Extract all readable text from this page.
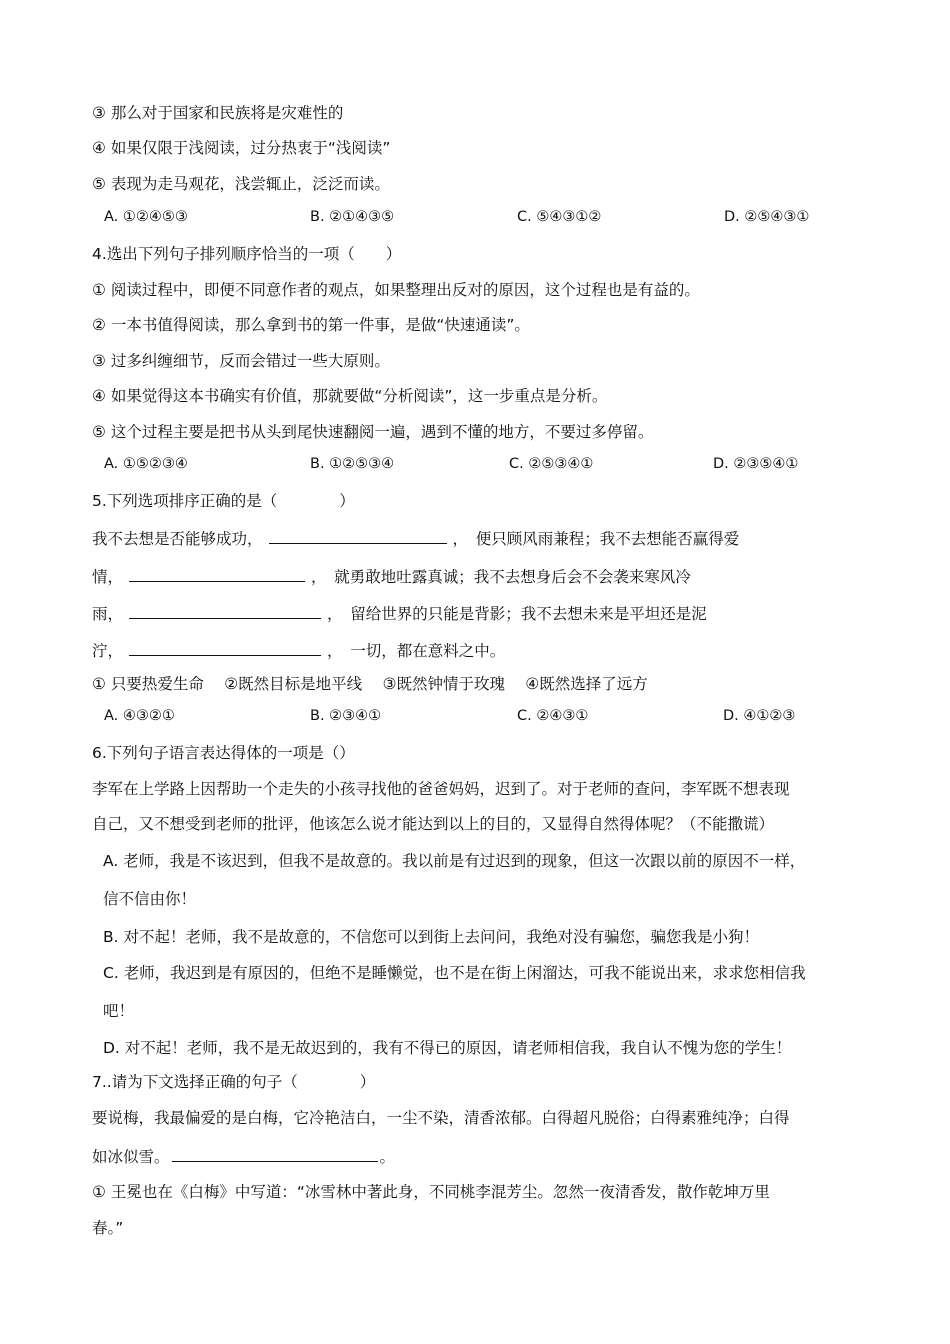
③ 那么对于国家和民族将是灾难性的
④ 如果仅限于浅阅读，过分热衷于“浅阅读”
⑤ 表现为走马观花，浅尝辄止，泛泛而读。
A. ①②④⑤③	B. ②①④③⑤	C. ⑤④③①②	D. ②⑤④③①
4.选出下列句子排列顺序恰当的一项（　　）
① 阅读过程中，即便不同意作者的观点，如果整理出反对的原因，这个过程也是有益的。
② 一本书值得阅读，那么拿到书的第一件事，是做“快速通读”。
③ 过多纠缠细节，反而会错过一些大原则。
④ 如果觉得这本书确实有价值，那就要做“分析阅读”，这一步重点是分析。
⑤ 这个过程主要是把书从头到尾快速翻阅一遍，遇到不懂的地方，不要过多停留。
A. ①⑤②③④	B. ①②⑤③④	C. ②⑤③④①	D. ②③⑤④①
5.下列选项排序正确的是（　　　　）
我不去想是否能够成功，	，　便只顾风雨兼程；我不去想能否赢得爱
情，	，　就勇敢地吐露真诚；我不去想身后会不会袭来寒风冷
雨，	，　留给世界的只能是背影；我不去想未来是平坦还是泥
泞，	，　一切，都在意料之中。
① 只要热爱生命　 ②既然目标是地平线　 ③既然钟情于玫瑰　 ④既然选择了远方
A. ④③②①	B. ②③④①	C. ②④③①	D. ④①②③
6.下列句子语言表达得体的一项是（）
李军在上学路上因帮助一个走失的小孩寻找他的爸爸妈妈，迟到了。对于老师的查问，李军既不想表现
自己，又不想受到老师的批评，他该怎么说才能达到以上的目的，又显得自然得体呢？（不能撒谎）
A. 老师，我是不该迟到，但我不是故意的。我以前是有过迟到的现象，但这一次跟以前的原因不一样，
信不信由你！
B. 对不起！老师，我不是故意的，不信您可以到街上去问问，我绝对没有骗您，骗您我是小狗！
C. 老师，我迟到是有原因的，但绝不是睡懒觉，也不是在街上闲溜达，可我不能说出来，求求您相信我
吧！
D. 对不起！老师，我不是无故迟到的，我有不得已的原因，请老师相信我，我自认不愧为您的学生！
7..请为下文选择正确的句子（　　　　）
要说梅，我最偏爱的是白梅，它冷艳洁白，一尘不染，清香浓郁。白得超凡脱俗；白得素雅纯净；白得
如冰似雪。	。
① 王冕也在《白梅》中写道：“冰雪林中著此身，不同桃李混芳尘。忽然一夜清香发，散作乾坤万里
春。”
